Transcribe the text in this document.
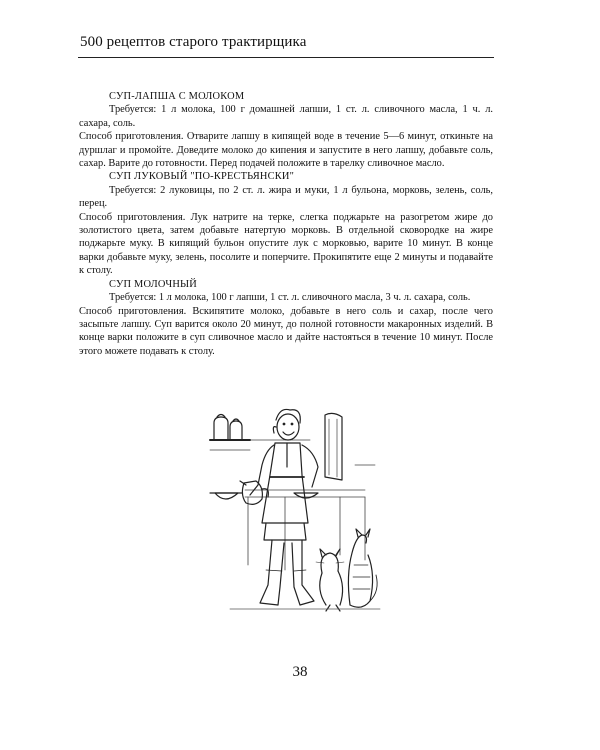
500 рецептов старого трактирщика

СУП-ЛАПША С МОЛОКОМ

Требуется: 1 л молока, 100 г домашней лапши, 1 ст. л. сливочного масла, 1 ч. л. сахара, соль.

Способ приготовления. Отварите лапшу в кипящей воде в течение 5—6 минут, откиньте на дуршлаг и промойте. Доведите молоко до кипения и запустите в него лапшу, добавьте соль, сахар. Варите до готовности. Перед подачей положите в тарелку сливочное масло.

СУП ЛУКОВЫЙ "ПО-КРЕСТЬЯНСКИ"

Требуется: 2 луковицы, по 2 ст. л. жира и муки, 1 л бульона, морковь, зелень, соль, перец.

Способ приготовления. Лук натрите на терке, слегка поджарьте на разогретом жире до золотистого цвета, затем добавьте натертую морковь. В отдельной сковородке на жире поджарьте муку. В кипящий бульон опустите лук с морковью, варите 10 минут. В конце варки добавьте муку, зелень, посолите и поперчите. Прокипятите еще 2 минуты и подавайте к столу.

СУП МОЛОЧНЫЙ

Требуется: 1 л молока, 100 г лапши, 1 ст. л. сливочного масла, 3 ч. л. сахара, соль.

Способ приготовления. Вскипятите молоко, добавьте в него соль и сахар, после чего засыпьте лапшу. Суп варится около 20 минут, до полной готовности макаронных изделий. В конце варки положите в суп сливочное масло и дайте настояться в течение 10 минут. После этого можете подавать к столу.

38
